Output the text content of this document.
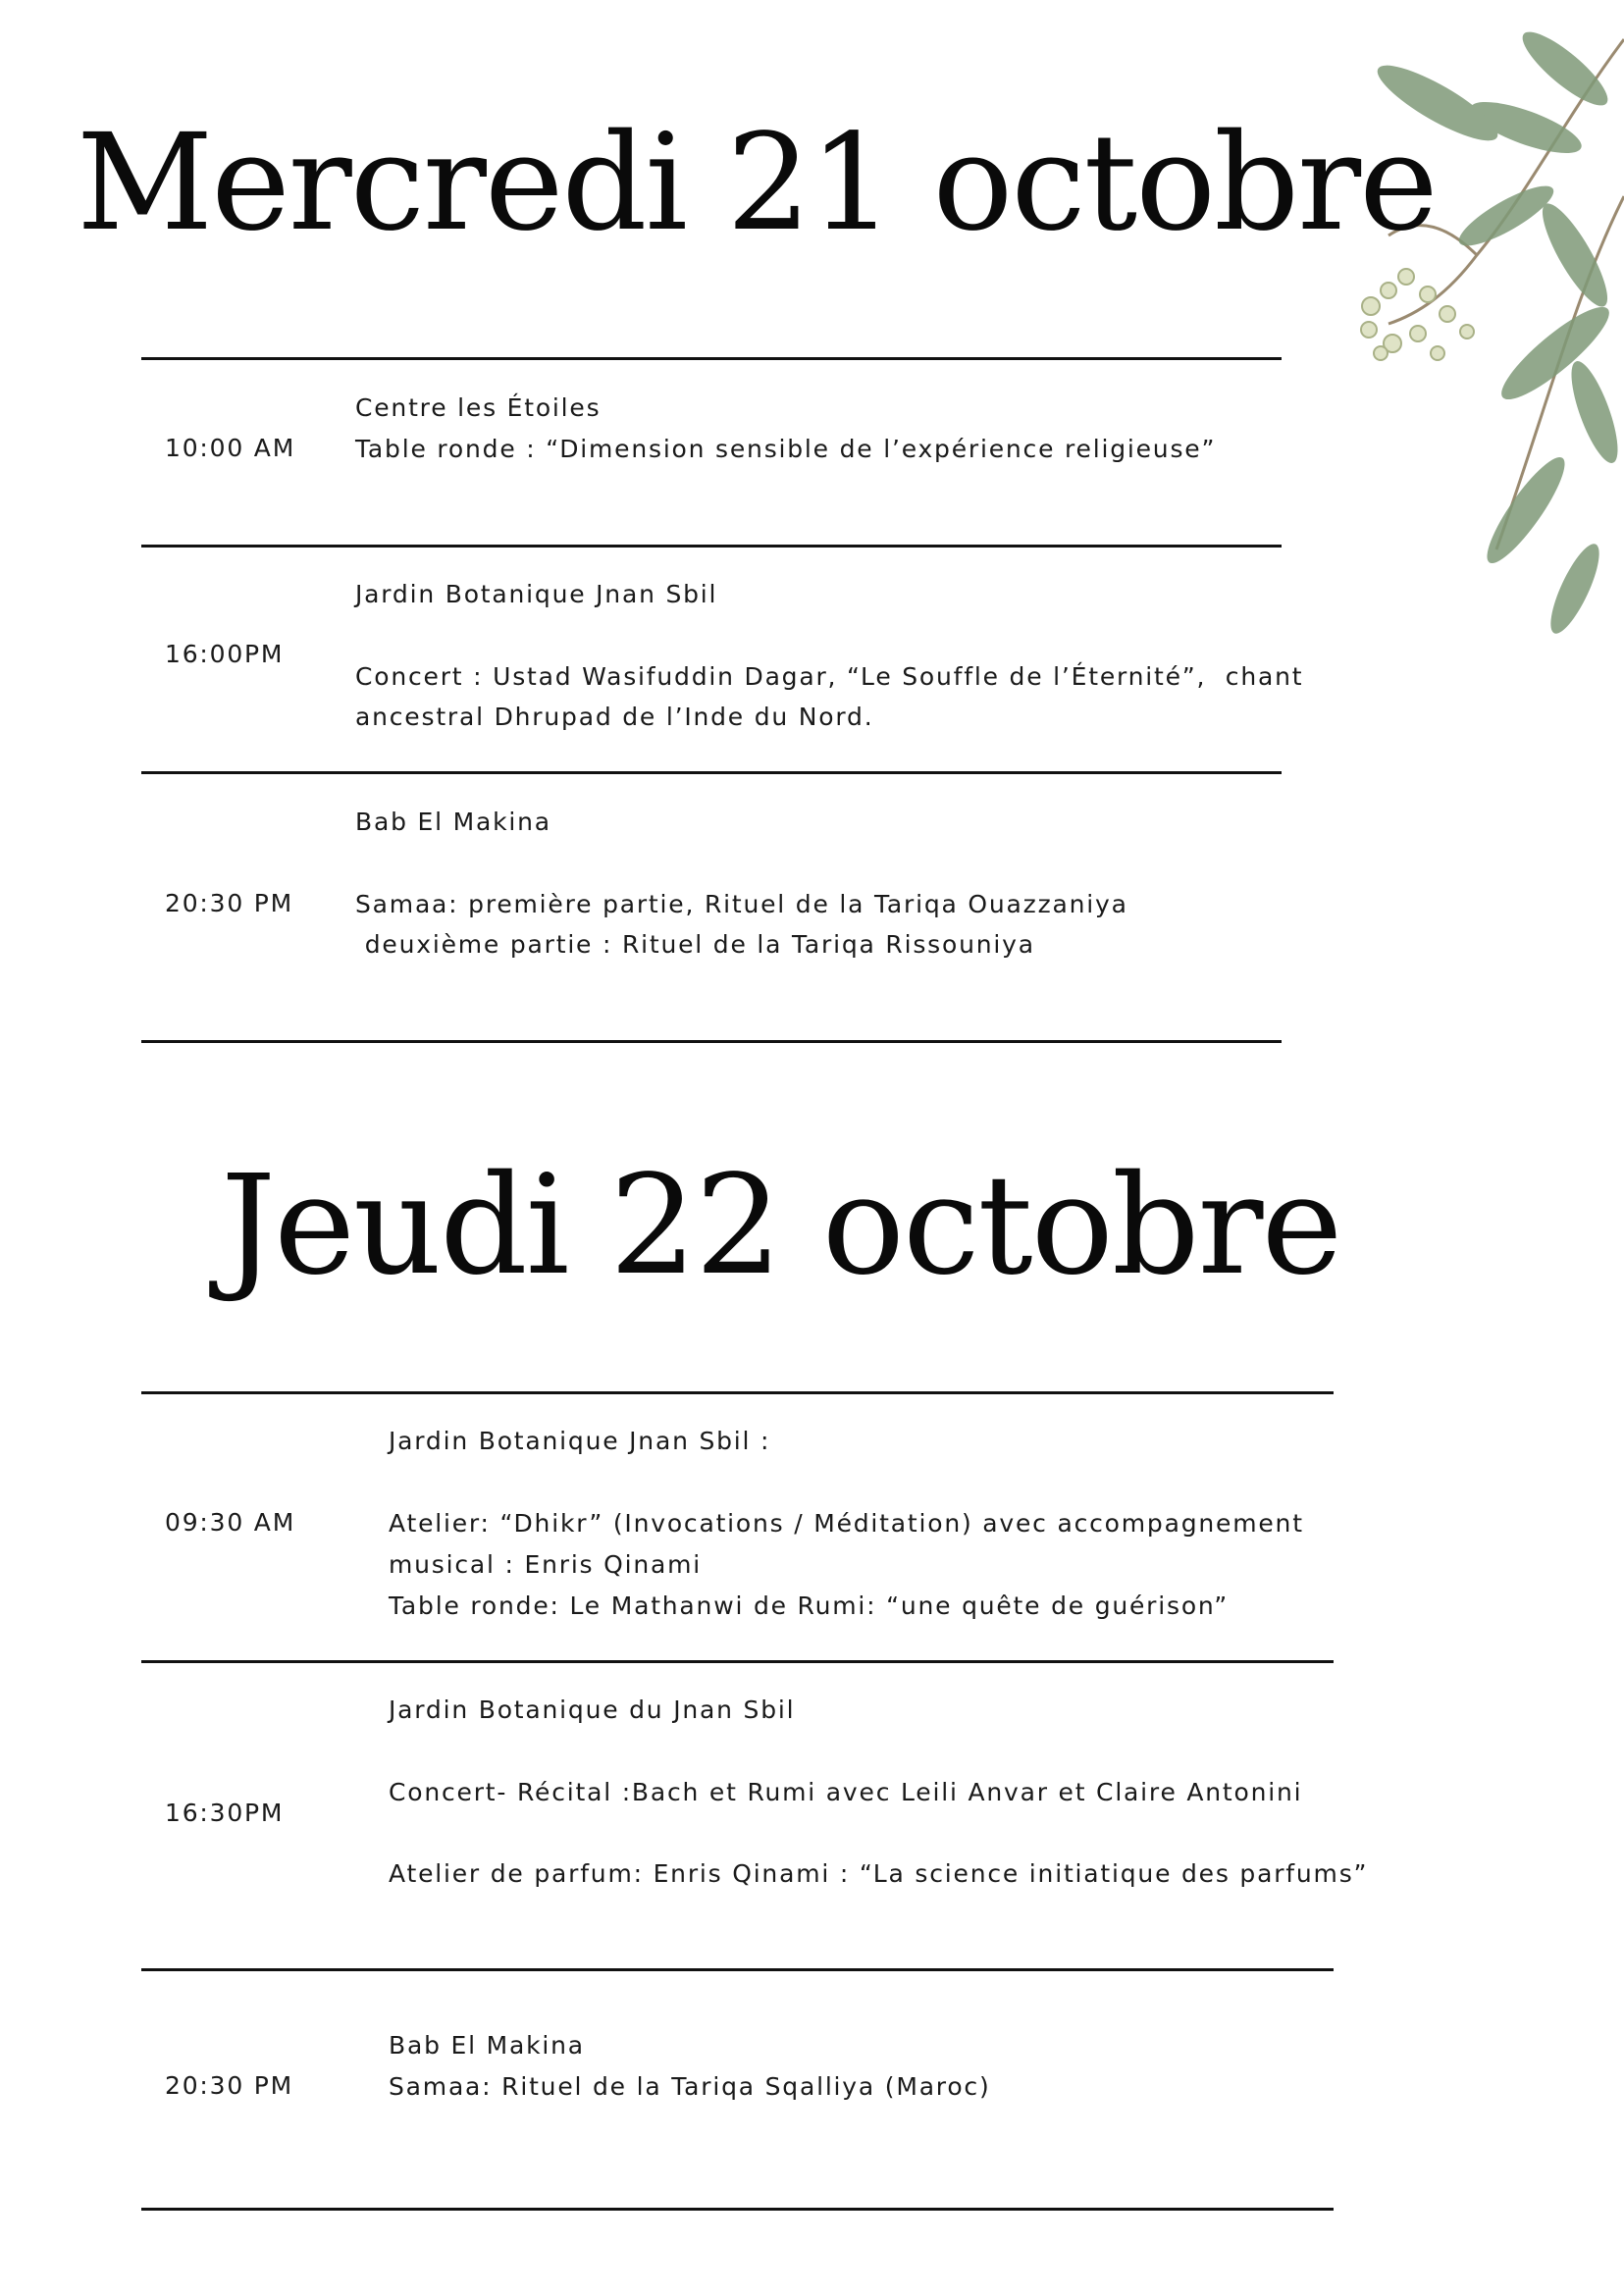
Mercredi 21 octobre
10:00 AM
Centre les Étoiles
Table ronde : “Dimension sensible de l’expérience religieuse”
16:00PM
Jardin Botanique Jnan Sbil
Concert : Ustad Wasifuddin Dagar, “Le Souffle de l’Éternité”,  chant
ancestral Dhrupad de l’Inde du Nord.
20:30 PM
Bab El Makina
Samaa: première partie, Rituel de la Tariqa Ouazzaniya
deuxième partie : Rituel de la Tariqa Rissouniya
Jeudi 22 octobre
09:30 AM
Jardin Botanique Jnan Sbil :
Atelier: “Dhikr” (Invocations / Méditation) avec accompagnement
musical : Enris Qinami
Table ronde: Le Mathanwi de Rumi: “une quête de guérison”
16:30PM
Jardin Botanique du Jnan Sbil
Concert- Récital :Bach et Rumi avec Leili Anvar et Claire Antonini
Atelier de parfum: Enris Qinami : “La science initiatique des parfums”
20:30 PM
Bab El Makina
Samaa: Rituel de la Tariqa Sqalliya (Maroc)
